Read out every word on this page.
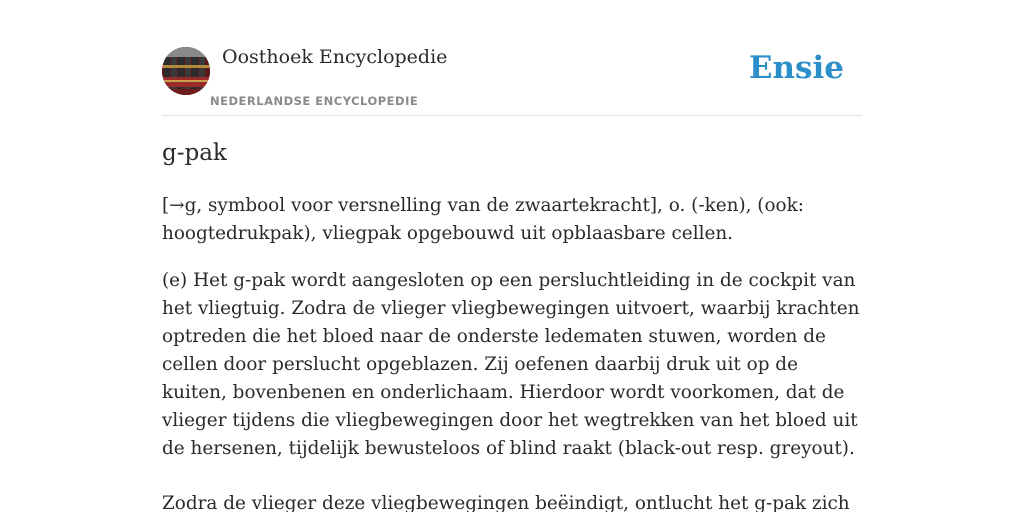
Oosthoek Encyclopedie
NEDERLANDSE ENCYCLOPEDIE
Ensie
g-pak

[→g, symbool voor versnelling van de zwaartekracht], o. (-ken), (ook: hoogtedrukpak), vliegpak opgebouwd uit opblaasbare cellen.

(e) Het g-pak wordt aangesloten op een persluchtleiding in de cockpit van het vliegtuig. Zodra de vlieger vliegbewegingen uitvoert, waarbij krachten optreden die het bloed naar de onderste ledematen stuwen, worden de cellen door perslucht opgeblazen. Zij oefenen daarbij druk uit op de kuiten, bovenbenen en onderlichaam. Hierdoor wordt voorkomen, dat de vlieger tijdens die vliegbewegingen door het wegtrekken van het bloed uit de hersenen, tijdelijk bewusteloos of blind raakt (black-out resp. greyout).

Zodra de vlieger deze vliegbewegingen beëindigt, ontlucht het g-pak zich
